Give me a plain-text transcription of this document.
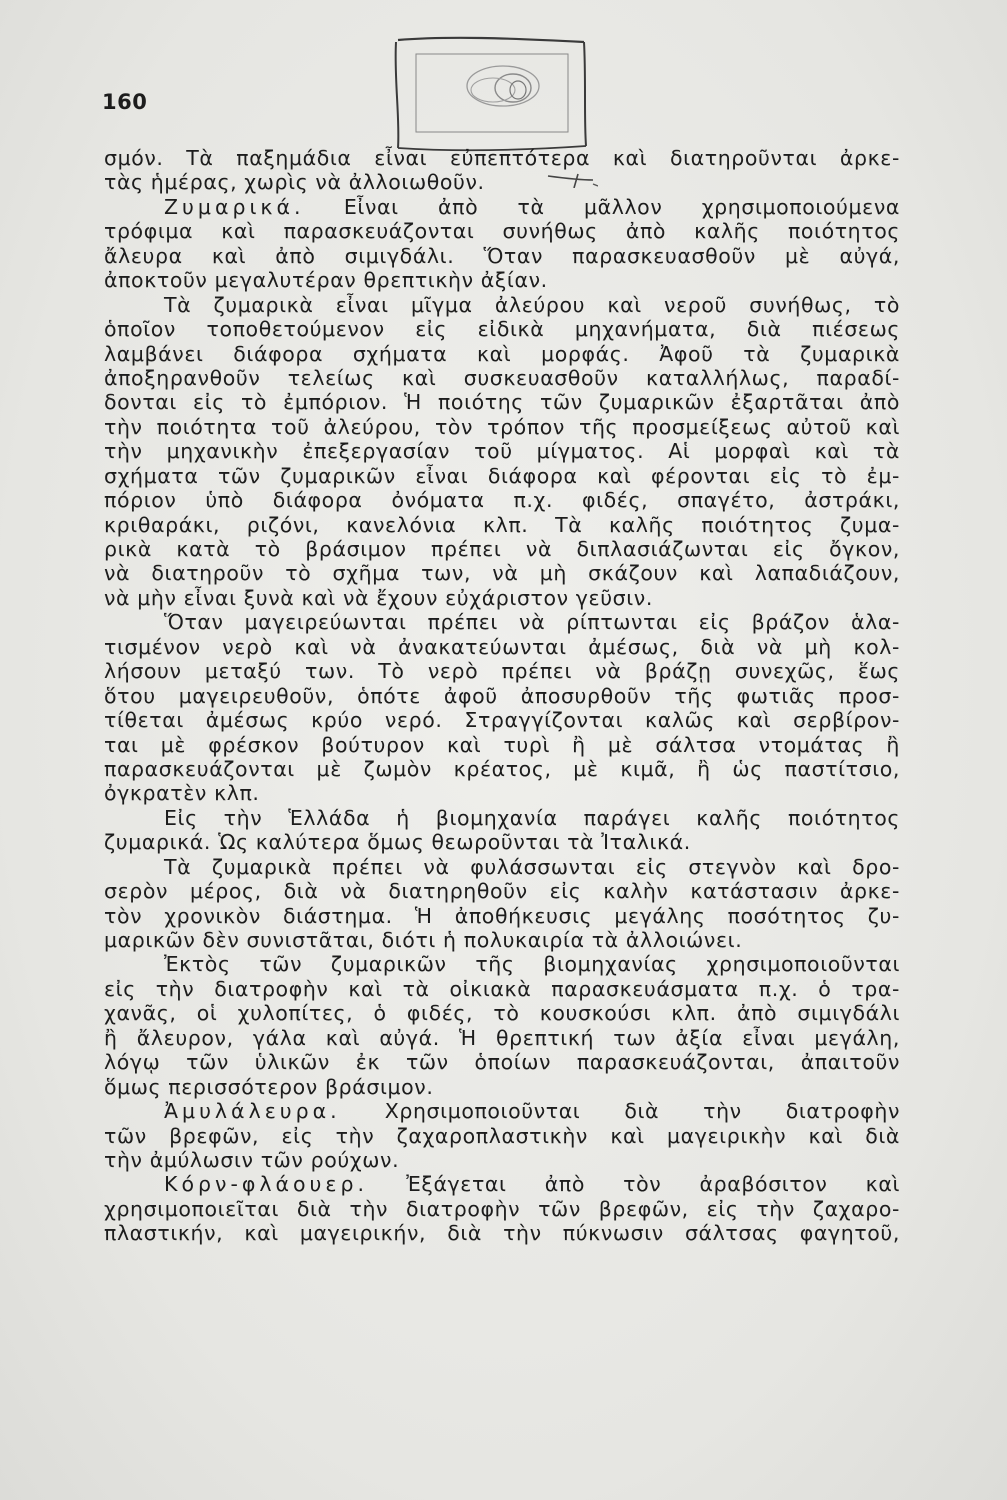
160
σμόν. Τὰ παξημάδια εἶναι εὐπεπτότερα καὶ διατηροῦνται ἀρκε-
τὰς ἡμέρας, χωρὶς νὰ ἀλλοιωθοῦν.
Ζυμαρικά. Εἶναι ἀπὸ τὰ μᾶλλον χρησιμοποιούμενα
τρόφιμα καὶ παρασκευάζονται συνήθως ἀπὸ καλῆς ποιότητος
ἄλευρα καὶ ἀπὸ σιμιγδάλι. Ὅταν παρασκευασθοῦν μὲ αὐγά,
ἀποκτοῦν μεγαλυτέραν θρεπτικὴν ἀξίαν.
Τὰ ζυμαρικὰ εἶναι μῖγμα ἀλεύρου καὶ νεροῦ συνήθως, τὸ
ὁποῖον τοποθετούμενον εἰς εἰδικὰ μηχανήματα, διὰ πιέσεως
λαμβάνει διάφορα σχήματα καὶ μορφάς. Ἀφοῦ τὰ ζυμαρικὰ
ἀποξηρανθοῦν τελείως καὶ συσκευασθοῦν καταλλήλως, παραδί-
δονται εἰς τὸ ἐμπόριον. Ἡ ποιότης τῶν ζυμαρικῶν ἐξαρτᾶται ἀπὸ
τὴν ποιότητα τοῦ ἀλεύρου, τὸν τρόπον τῆς προσμείξεως αὐτοῦ καὶ
τὴν μηχανικὴν ἐπεξεργασίαν τοῦ μίγματος. Αἱ μορφαὶ καὶ τὰ
σχήματα τῶν ζυμαρικῶν εἶναι διάφορα καὶ φέρονται εἰς τὸ ἐμ-
πόριον ὑπὸ διάφορα ὀνόματα π.χ. φιδές, σπαγέτο, ἀστράκι,
κριθαράκι, ριζόνι, κανελόνια κλπ. Τὰ καλῆς ποιότητος ζυμα-
ρικὰ κατὰ τὸ βράσιμον πρέπει νὰ διπλασιάζωνται εἰς ὄγκον,
νὰ διατηροῦν τὸ σχῆμα των, νὰ μὴ σκάζουν καὶ λαπαδιάζουν,
νὰ μὴν εἶναι ξυνὰ καὶ νὰ ἔχουν εὐχάριστον γεῦσιν.
Ὅταν μαγειρεύωνται πρέπει νὰ ρίπτωνται εἰς βράζον ἁλα-
τισμένον νερὸ καὶ νὰ ἀνακατεύωνται ἀμέσως, διὰ νὰ μὴ κολ-
λήσουν μεταξύ των. Τὸ νερὸ πρέπει νὰ βράζῃ συνεχῶς, ἕως
ὅτου μαγειρευθοῦν, ὁπότε ἀφοῦ ἀποσυρθοῦν τῆς φωτιᾶς προσ-
τίθεται ἀμέσως κρύο νερό. Στραγγίζονται καλῶς καὶ σερβίρον-
ται μὲ φρέσκον βούτυρον καὶ τυρὶ ἢ μὲ σάλτσα ντομάτας ἢ
παρασκευάζονται μὲ ζωμὸν κρέατος, μὲ κιμᾶ, ἢ ὡς παστίτσιο,
ὀγκρατὲν κλπ.
Εἰς τὴν Ἑλλάδα ἡ βιομηχανία παράγει καλῆς ποιότητος
ζυμαρικά. Ὡς καλύτερα ὅμως θεωροῦνται τὰ Ἰταλικά.
Τὰ ζυμαρικὰ πρέπει νὰ φυλάσσωνται εἰς στεγνὸν καὶ δρο-
σερὸν μέρος, διὰ νὰ διατηρηθοῦν εἰς καλὴν κατάστασιν ἀρκε-
τὸν χρονικὸν διάστημα. Ἡ ἀποθήκευσις μεγάλης ποσότητος ζυ-
μαρικῶν δὲν συνιστᾶται, διότι ἡ πολυκαιρία τὰ ἀλλοιώνει.
Ἐκτὸς τῶν ζυμαρικῶν τῆς βιομηχανίας χρησιμοποιοῦνται
εἰς τὴν διατροφὴν καὶ τὰ οἰκιακὰ παρασκευάσματα π.χ. ὁ τρα-
χανᾶς, οἱ χυλοπίτες, ὁ φιδές, τὸ κουσκούσι κλπ. ἀπὸ σιμιγδάλι
ἢ ἄλευρον, γάλα καὶ αὐγά. Ἡ θρεπτική των ἀξία εἶναι μεγάλη,
λόγῳ τῶν ὑλικῶν ἐκ τῶν ὁποίων παρασκευάζονται, ἀπαιτοῦν
ὅμως περισσότερον βράσιμον.
Ἀμυλάλευρα. Χρησιμοποιοῦνται διὰ τὴν διατροφὴν
τῶν βρεφῶν, εἰς τὴν ζαχαροπλαστικὴν καὶ μαγειρικὴν καὶ διὰ
τὴν ἀμύλωσιν τῶν ρούχων.
Κόρν-φλάουερ. Ἐξάγεται ἀπὸ τὸν ἀραβόσιτον καὶ
χρησιμοποιεῖται διὰ τὴν διατροφὴν τῶν βρεφῶν, εἰς τὴν ζαχαρο-
πλαστικήν, καὶ μαγειρικήν, διὰ τὴν πύκνωσιν σάλτσας φαγητοῦ,
